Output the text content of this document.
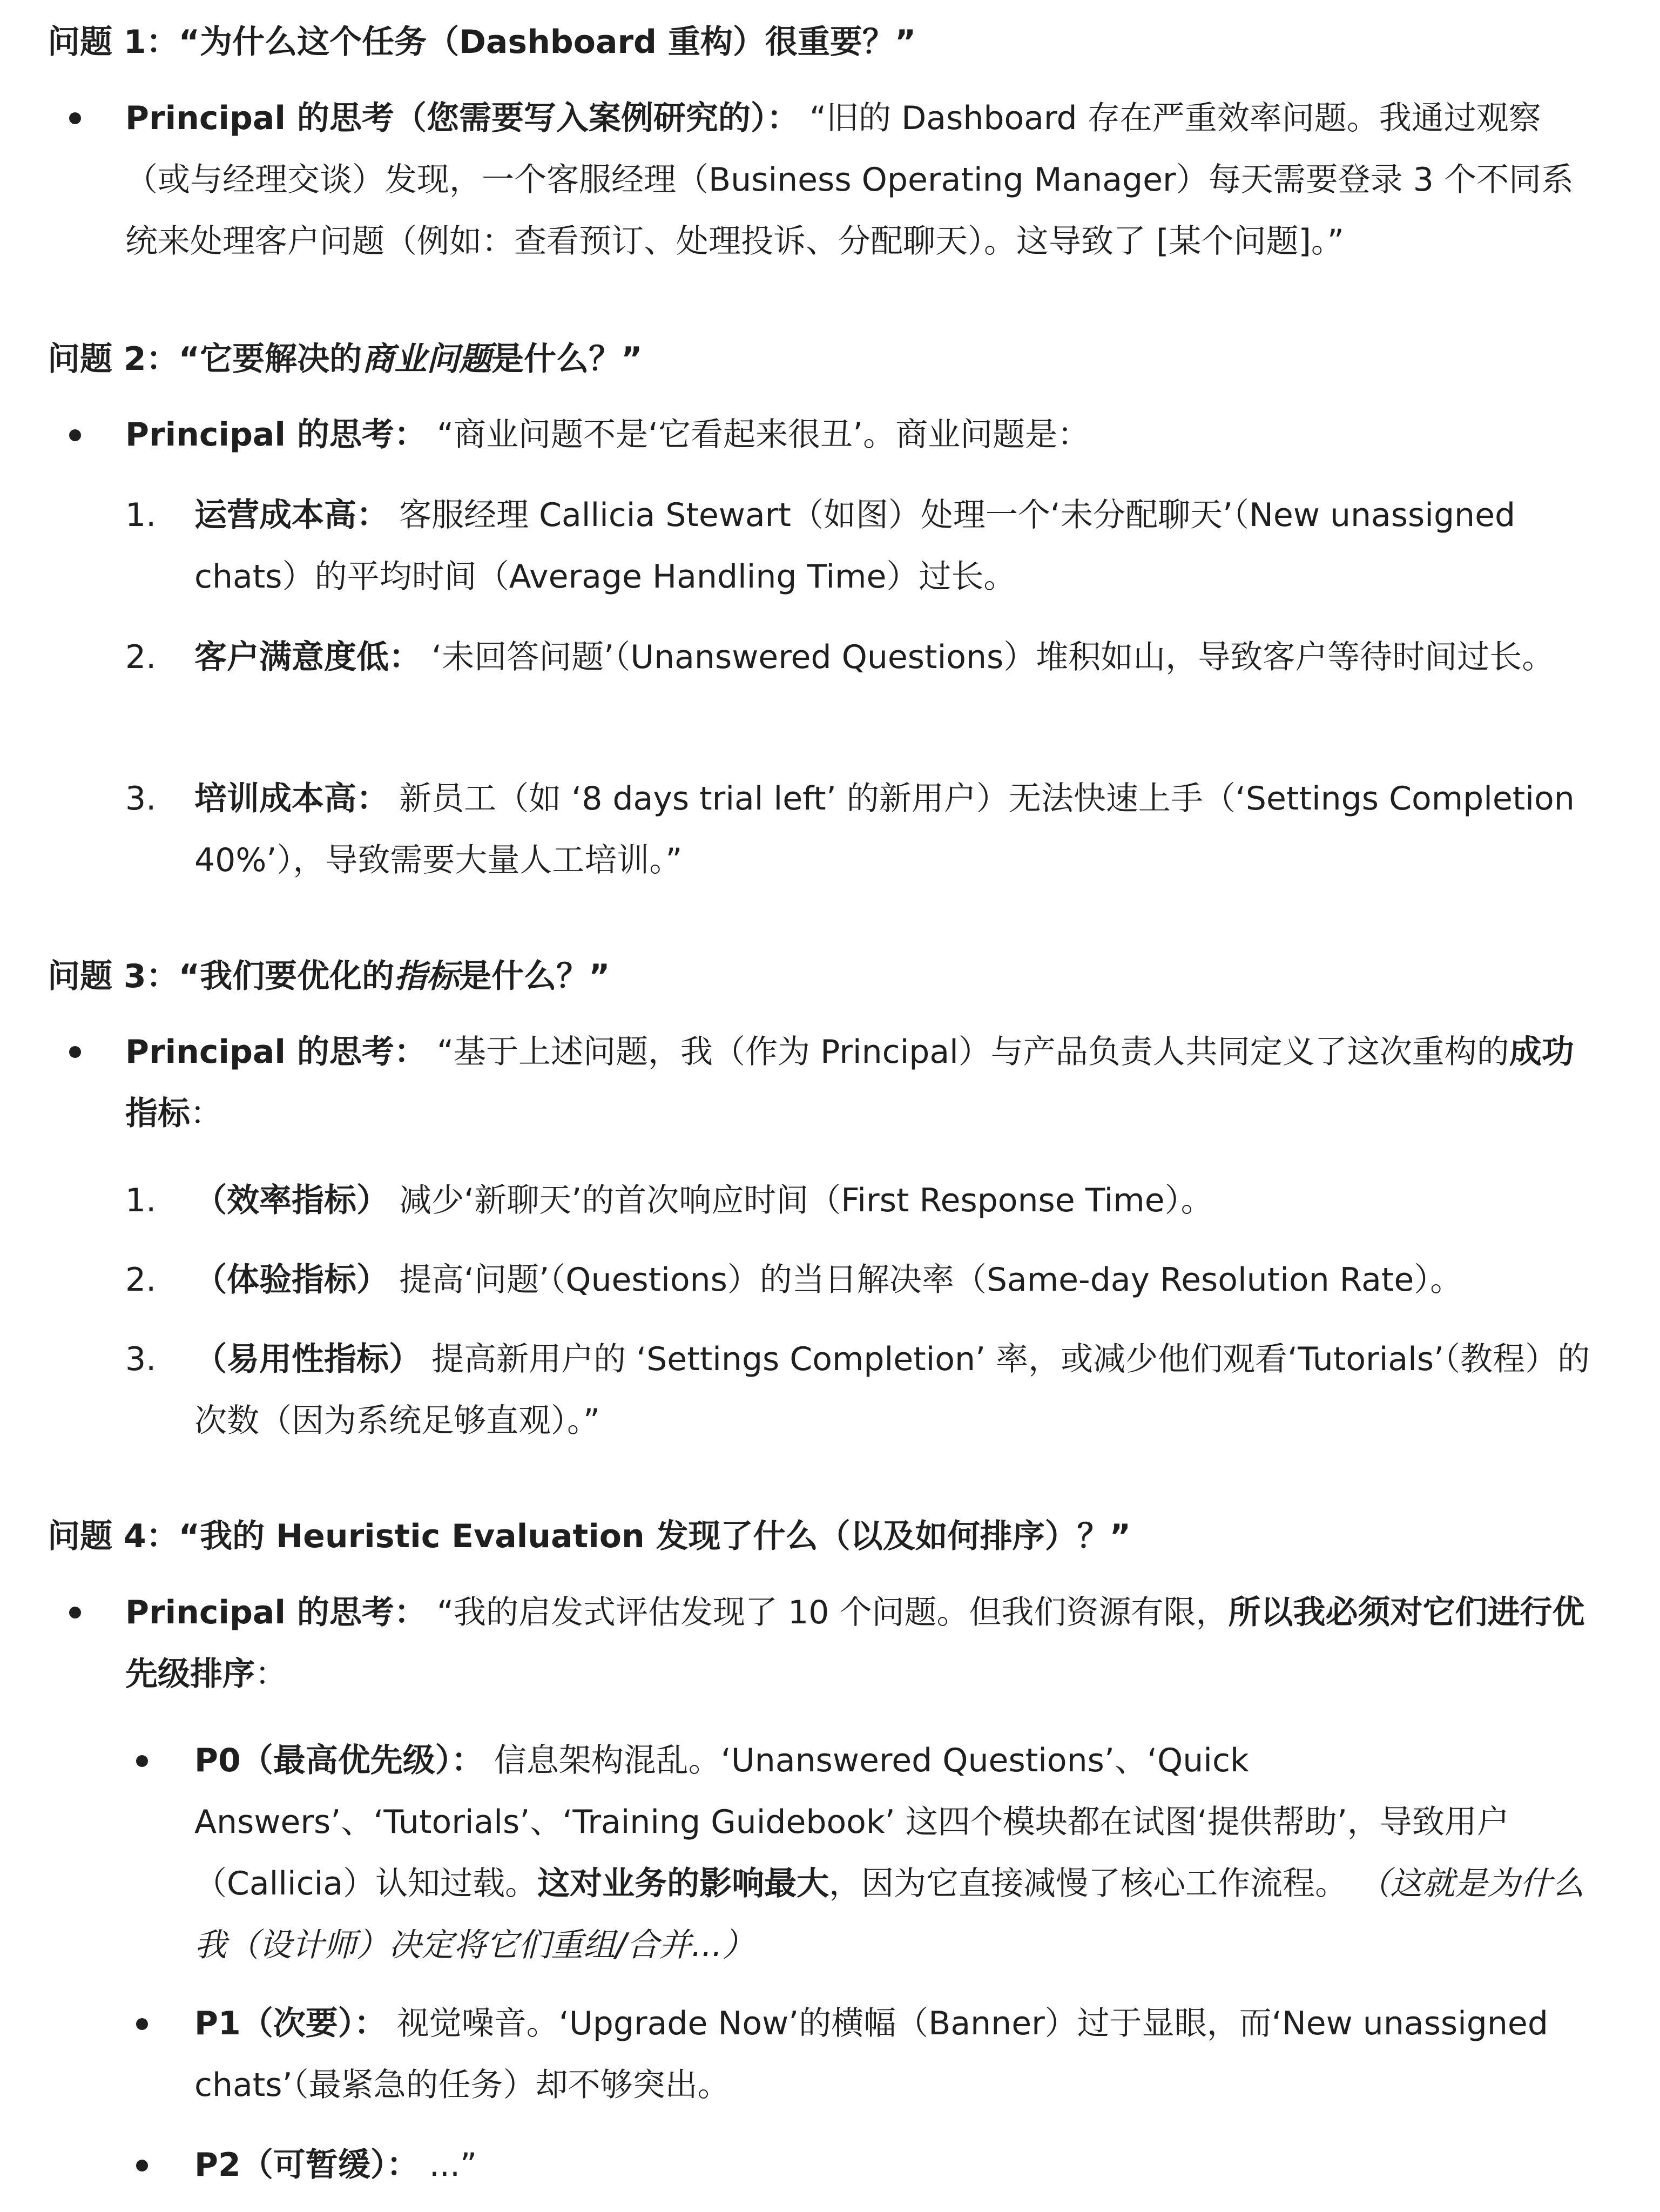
问题 1：“为什么这个任务（Dashboard 重构）很重要？”

Principal 的思考（您需要写入案例研究的）： “旧的 Dashboard 存在严重效率问题。我通过观察（或与经理交谈）发现，一个客服经理（Business Operating Manager）每天需要登录 3 个不同系统来处理客户问题（例如：查看预订、处理投诉、分配聊天）。这导致了 [某个问题]。”

问题 2：“它要解决的商业问题是什么？”

Principal 的思考： “商业问题不是‘它看起来很丑’。商业问题是：

1. 运营成本高： 客服经理 Callicia Stewart（如图）处理一个‘未分配聊天’（New unassigned chats）的平均时间（Average Handling Time）过长。

2. 客户满意度低： ‘未回答问题’（Unanswered Questions）堆积如山，导致客户等待时间过长。

3. 培训成本高： 新员工（如 ‘8 days trial left’ 的新用户）无法快速上手（‘Settings Completion 40%’），导致需要大量人工培训。”

问题 3：“我们要优化的指标是什么？”

Principal 的思考： “基于上述问题，我（作为 Principal）与产品负责人共同定义了这次重构的成功指标：

1. （效率指标） 减少‘新聊天’的首次响应时间（First Response Time）。

2. （体验指标） 提高‘问题’（Questions）的当日解决率（Same-day Resolution Rate）。

3. （易用性指标） 提高新用户的 ‘Settings Completion’ 率，或减少他们观看‘Tutorials’（教程）的次数（因为系统足够直观）。”

问题 4：“我的 Heuristic Evaluation 发现了什么（以及如何排序）？”

Principal 的思考： “我的启发式评估发现了 10 个问题。但我们资源有限，所以我必须对它们进行优先级排序：

P0（最高优先级）： 信息架构混乱。‘Unanswered Questions’、‘Quick Answers’、‘Tutorials’、‘Training Guidebook’ 这四个模块都在试图‘提供帮助’，导致用户（Callicia）认知过载。这对业务的影响最大，因为它直接减慢了核心工作流程。 （这就是为什么我（设计师）决定将它们重组/合并...）

P1（次要）： 视觉噪音。‘Upgrade Now’的横幅（Banner）过于显眼，而‘New unassigned chats’（最紧急的任务）却不够突出。

P2（可暂缓）： ...”
